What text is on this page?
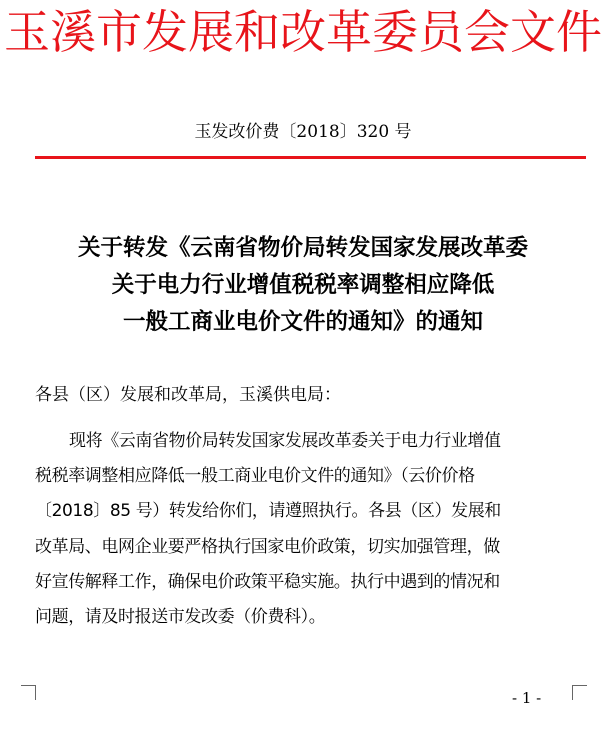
玉溪市发展和改革委员会文件
玉发改价费〔2018〕320 号
关于转发《云南省物价局转发国家发展改革委
关于电力行业增值税税率调整相应降低
一般工商业电价文件的通知》的通知
各县（区）发展和改革局，玉溪供电局：
现将《云南省物价局转发国家发展改革委关于电力行业增值
税税率调整相应降低一般工商业电价文件的通知》（云价价格
〔2018〕85 号）转发给你们，请遵照执行。各县（区）发展和
改革局、电网企业要严格执行国家电价政策，切实加强管理，做
好宣传解释工作，确保电价政策平稳实施。执行中遇到的情况和
问题，请及时报送市发改委（价费科）。
- 1 -
